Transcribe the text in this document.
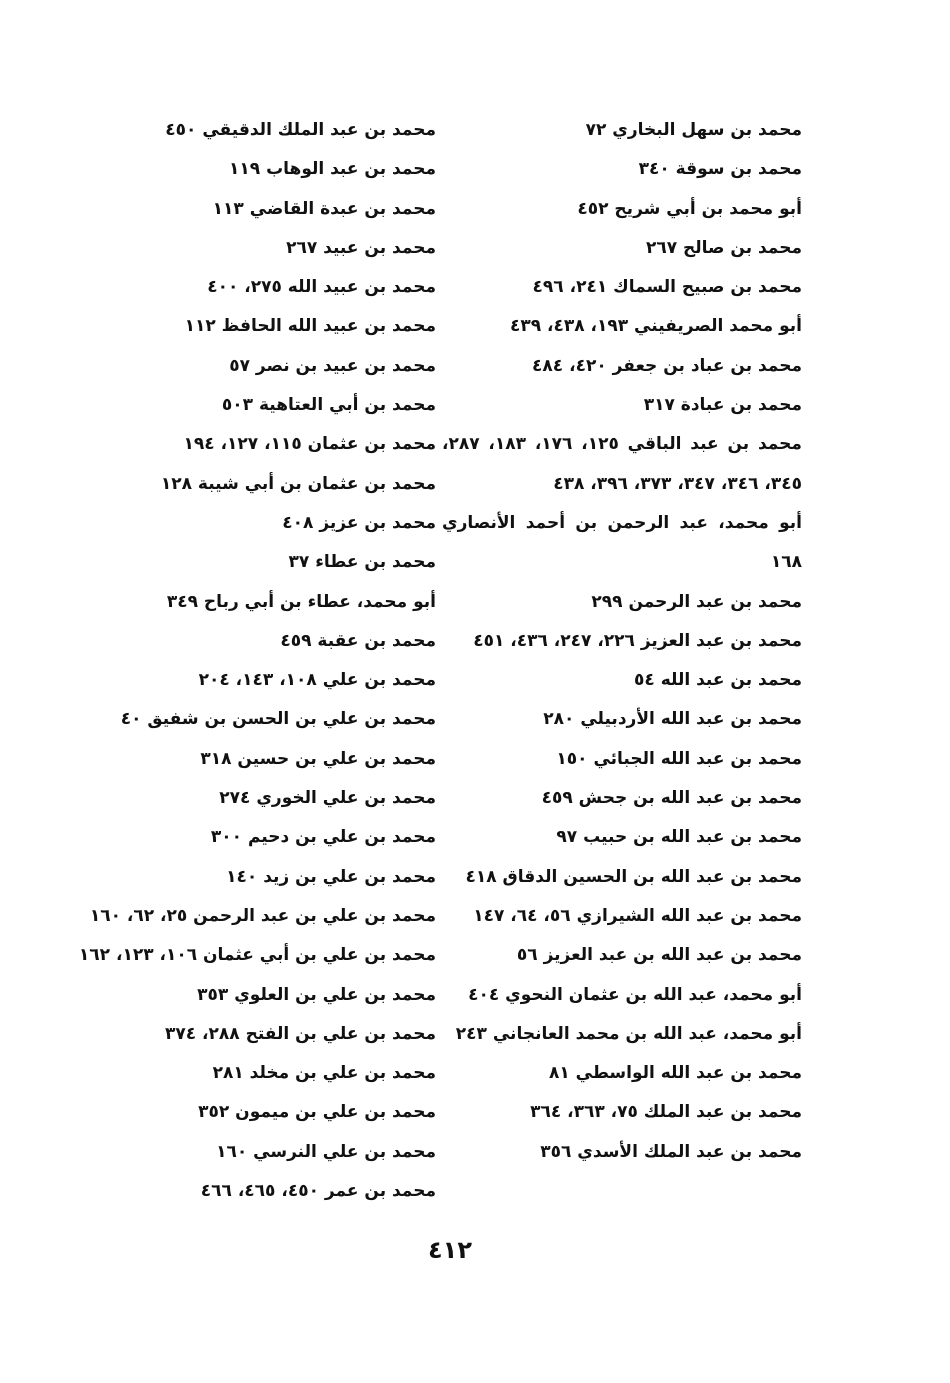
محمد بن سهل البخاري ٧٢
محمد بن سوقة ٣٤٠
أبو محمد بن أبي شريح ٤٥٢
محمد بن صالح ٢٦٧
محمد بن صبيح السماك ٢٤١، ٤٩٦
أبو محمد الصريفيني ١٩٣، ٤٣٨، ٤٣٩
محمد بن عباد بن جعفر ٤٢٠، ٤٨٤
محمد بن عبادة ٣١٧
محمد بن عبد الباقي ١٢٥، ١٧٦، ١٨٣، ٢٨٧، ٣٤٥، ٣٤٦، ٣٤٧، ٣٧٣، ٣٩٦، ٤٣٨
أبو محمد، عبد الرحمن بن أحمد الأنصاري ١٦٨
محمد بن عبد الرحمن ٢٩٩
محمد بن عبد العزيز ٢٢٦، ٢٤٧، ٤٣٦، ٤٥١
محمد بن عبد الله ٥٤
محمد بن عبد الله الأردبيلي ٢٨٠
محمد بن عبد الله الجبائي ١٥٠
محمد بن عبد الله بن جحش ٤٥٩
محمد بن عبد الله بن حبيب ٩٧
محمد بن عبد الله بن الحسين الدقاق ٤١٨
محمد بن عبد الله الشيرازي ٥٦، ٦٤، ١٤٧
محمد بن عبد الله بن عبد العزيز ٥٦
أبو محمد، عبد الله بن عثمان النحوي ٤٠٤
أبو محمد، عبد الله بن محمد العانجاني ٢٤٣
محمد بن عبد الله الواسطي ٨١
محمد بن عبد الملك ٧٥، ٣٦٣، ٣٦٤
محمد بن عبد الملك الأسدي ٣٥٦
محمد بن عبد الملك الدقيقي ٤٥٠
محمد بن عبد الوهاب ١١٩
محمد بن عبدة القاضي ١١٣
محمد بن عبيد ٢٦٧
محمد بن عبيد الله ٢٧٥، ٤٠٠
محمد بن عبيد الله الحافظ ١١٢
محمد بن عبيد بن نصر ٥٧
محمد بن أبي العتاهية ٥٠٣
محمد بن عثمان ١١٥، ١٢٧، ١٩٤
محمد بن عثمان بن أبي شيبة ١٢٨
محمد بن عزيز ٤٠٨
محمد بن عطاء ٣٧
أبو محمد، عطاء بن أبي رباح ٣٤٩
محمد بن عقبة ٤٥٩
محمد بن علي ١٠٨، ١٤٣، ٢٠٤
محمد بن علي بن الحسن بن شفيق ٤٠
محمد بن علي بن حسين ٣١٨
محمد بن علي الخوري ٢٧٤
محمد بن علي بن دحيم ٣٠٠
محمد بن علي بن زيد ١٤٠
محمد بن علي بن عبد الرحمن ٢٥، ٦٢، ١٦٠
محمد بن علي بن أبي عثمان ١٠٦، ١٢٣، ١٦٢
محمد بن علي بن العلوي ٣٥٣
محمد بن علي بن الفتح ٢٨٨، ٣٧٤
محمد بن علي بن مخلد ٢٨١
محمد بن علي بن ميمون ٣٥٢
محمد بن علي النرسي ١٦٠
محمد بن عمر ٤٥٠، ٤٦٥، ٤٦٦
٤١٢
